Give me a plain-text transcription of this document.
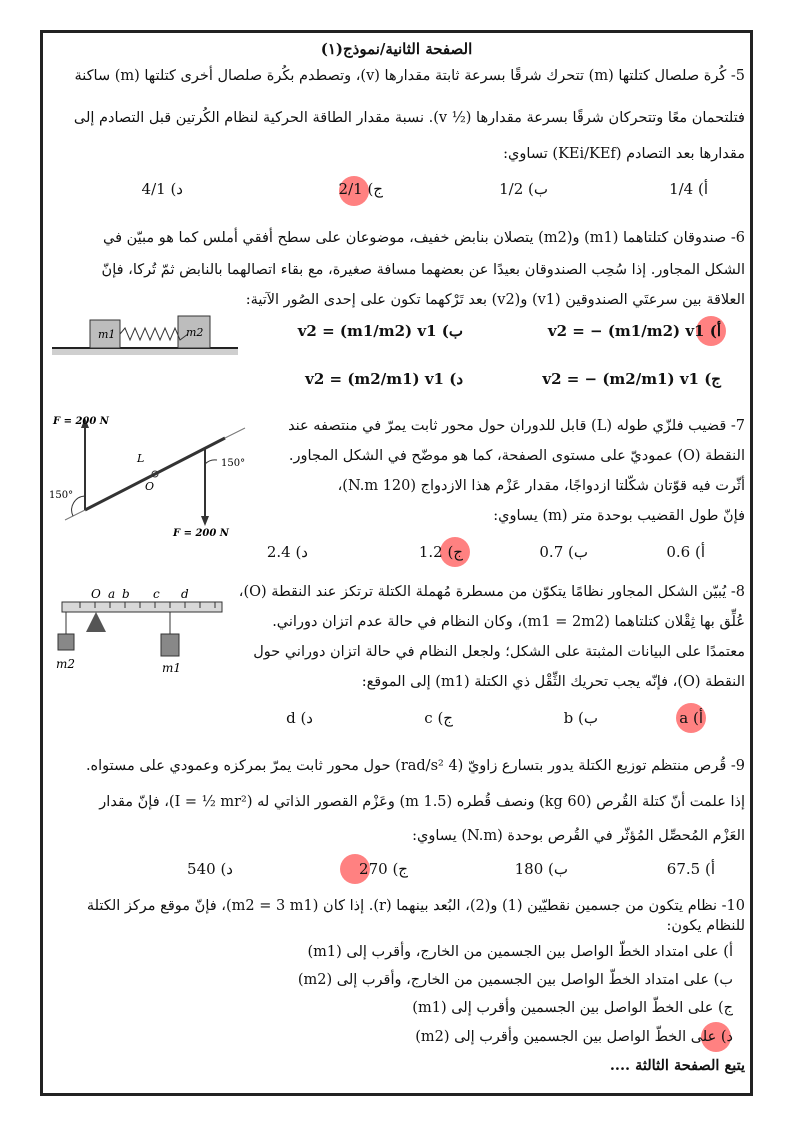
الصفحة الثانية/نموذج(١)
5- كُرة صلصال كتلتها (m) تتحرك شرقًا بسرعة ثابتة مقدارها (v)، وتصطدم بكُرة صلصال أخرى كتلتها (m) ساكنة
فتلتحمان معًا وتتحركان شرقًا بسرعة مقدارها (½ v). نسبة مقدار الطاقة الحركية لنظام الكُرتين قبل التصادم إلى
مقدارها بعد التصادم (KEi/KEf) تساوي:
أ) 1/4
ب) 1/2
ج) 2/1
د) 4/1
6- صندوقان كتلتاهما (m1) و(m2) يتصلان بنابض خفيف، موضوعان على سطح أفقي أملس كما هو مبيّن في
الشكل المجاور. إذا سُحِب الصندوقان بعيدًا عن بعضهما مسافة صغيرة، مع بقاء اتصالهما بالنابض ثمّ تُركا، فإنّ
العلاقة بين سرعتَي الصندوقين (v1) و(v2) بعد تَرْكهما تكون على إحدى الصُور الآتية:
m1	m2	أ) v2 = − (m1/m2) v1
ب) v2 = (m1/m2) v1
ج) v2 = − (m2/m1) v1
د) v2 = (m2/m1) v1
7- قضيب فلزّي طوله (L) قابل للدوران حول محور ثابت يمرّ في منتصفه عند
النقطة (O) عموديّ على مستوى الصفحة، كما هو موضّح في الشكل المجاور.
أثّرت فيه قوّتان شكّلتا ازدواجًا، مقدار عَزْم هذا الازدواج (120 N.m)،
فإنّ طول القضيب بوحدة متر (m) يساوي:
F = 200 N
F = 200 N
150°
150°
L
O
أ) 0.6
ب) 0.7
ج) 1.2
د) 2.4
8- يُبيّن الشكل المجاور نظامًا يتكوّن من مسطرة مُهملة الكتلة ترتكز عند النقطة (O)،
عُلِّق بها ثِقْلان كتلتاهما (m1 = 2m2)، وكان النظام في حالة عدم اتزان دوراني.
معتمدًا على البيانات المثبتة على الشكل؛ ولجعل النظام في حالة اتزان دوراني حول
النقطة (O)، فإنّه يجب تحريك الثِّقْل ذي الكتلة (m1) إلى الموقع:
O a b c d
m2	m1
أ) a
ب) b
ج) c
د) d
9- قُرص منتظم توزيع الكتلة يدور بتسارع زاويّ (4 rad/s²) حول محور ثابت يمرّ بمركزه وعمودي على مستواه.
إذا علمت أنّ كتلة القُرص (60 kg) ونصف قُطره (1.5 m) وعَزْم القصور الذاتي له (I = ½ mr²)، فإنّ مقدار
العَزْم المُحصِّل المُؤثّر في القُرص بوحدة (N.m) يساوي:
أ) 67.5
ب) 180
ج) 270
د) 540
10- نظام يتكون من جسمين نقطيّين (1) و(2)، البُعد بينهما (r). إذا كان (m2 = 3 m1)، فإنّ موقع مركز الكتلة
للنظام يكون:
أ) على امتداد الخطّ الواصل بين الجسمين من الخارج، وأقرب إلى (m1)
ب) على امتداد الخطّ الواصل بين الجسمين من الخارج، وأقرب إلى (m2)
ج) على الخطّ الواصل بين الجسمين وأقرب إلى (m1)
د) على الخطّ الواصل بين الجسمين وأقرب إلى (m2)
يتبع الصفحة الثالثة ....
